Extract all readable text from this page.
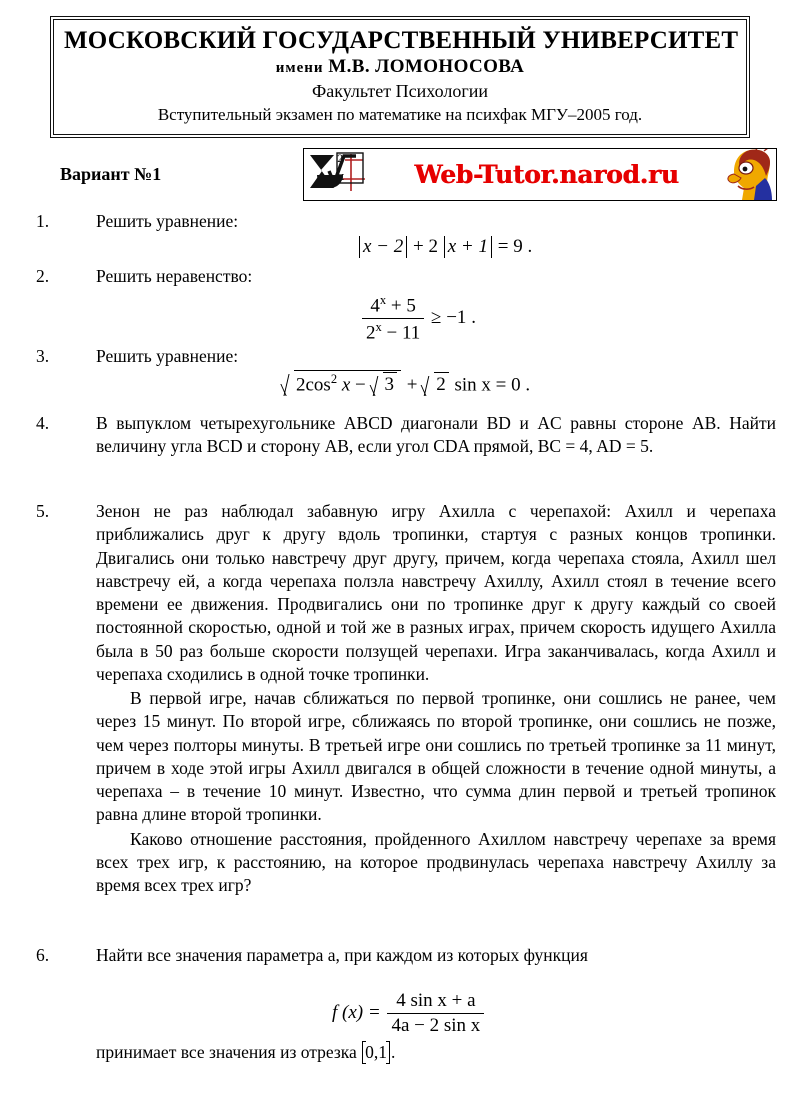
МОСКОВСКИЙ ГОСУДАРСТВЕННЫЙ УНИВЕРСИТЕТ
имени М.В. ЛОМОНОСОВА
Факультет Психологии
Вступительный экзамен по математике на психфак МГУ–2005 год.
Вариант №1
2
π	Web-Tutor.narod.ru
1.	Решить уравнение:

x − 2 + 2 x + 1 = 9 .
2.	Решить неравенство:

$\frac{4^x + 5}{2^x - 11} \ge -1$ .
3.	Решить уравнение:

$2\cos^2$ x − 3 + 2 sin x = 0 .
4.	В выпуклом четырехугольнике ABCD диагонали BD и AC равны стороне AB. Найти величину угла BCD и сторону AB, если угол CDA прямой, BC = 4, AD = 5.

5.	Зенон не раз наблюдал забавную игру Ахилла с черепахой: Ахилл и черепаха приближались друг к другу вдоль тропинки, стартуя с разных концов тропинки. Двигались они только навстречу друг другу, причем, когда черепаха стояла, Ахилл шел навстречу ей, а когда черепаха ползла навстречу Ахиллу, Ахилл стоял в течение всего времени ее движения. Продвигались они по тропинке друг к другу каждый со своей постоянной скоростью, одной и той же в разных играх, причем скорость идущего Ахилла была в 50 раз больше скорости ползущей черепахи. Игра заканчивалась, когда Ахилл и черепаха сходились в одной точке тропинки.

В первой игре, начав сближаться по первой тропинке, они сошлись не ранее, чем через 15 минут. По второй игре, сближаясь по второй тропинке, они сошлись не позже, чем через полторы минуты. В третьей игре они сошлись по третьей тропинке за 11 минут, причем в ходе этой игры Ахилл двигался в общей сложности в течение одной минуты, а черепаха – в течение 10 минут. Известно, что сумма длин первой и третьей тропинок равна длине второй тропинки.

Каково отношение расстояния, пройденного Ахиллом навстречу черепахе за время всех трех игр, к расстоянию, на которое продвинулась черепаха навстречу Ахиллу за время всех трех игр?

6.	Найти все значения параметра a, при каждом из которых функция

f $(x) = \frac{\text{4 sin x + a}}{\text{4a − 2 sin x}}$
принимает все значения из отрезка 0,1 .
